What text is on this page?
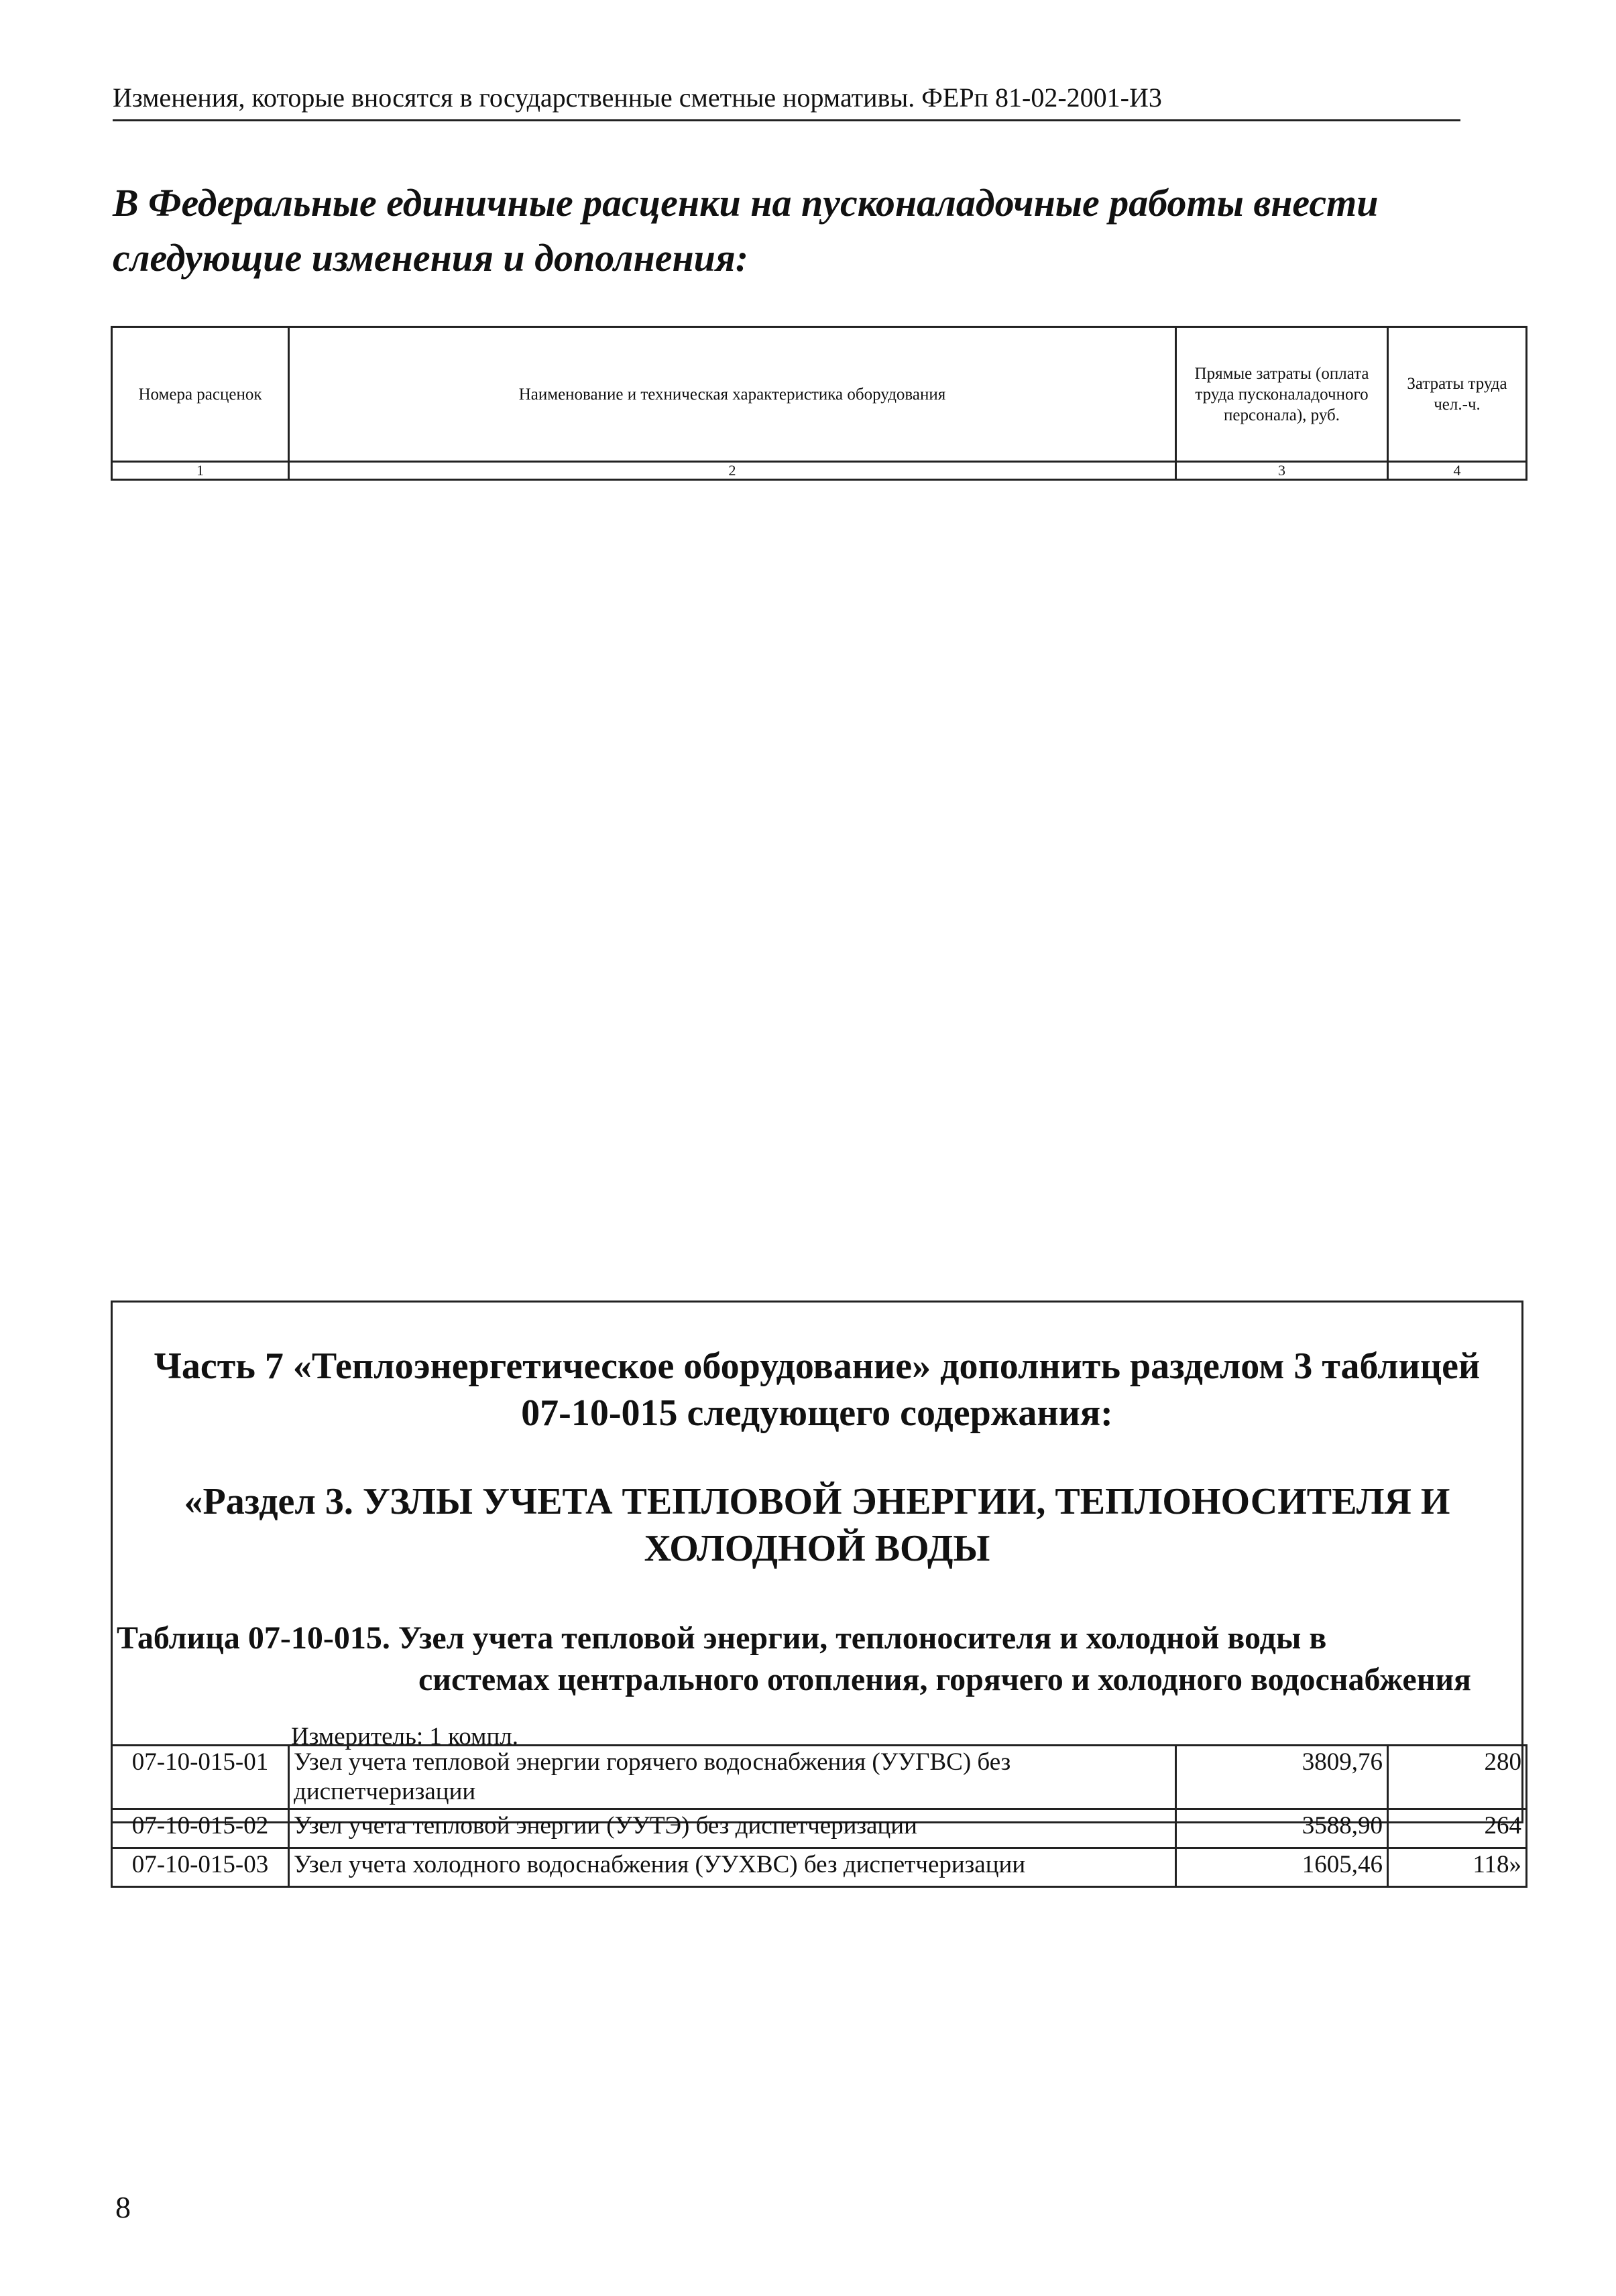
Изменения, которые вносятся в государственные сметные нормативы. ФЕРп 81-02-2001-И3
В Федеральные единичные расценки на пусконаладочные работы внести
следующие изменения и дополнения:
Номера расценок	Наименование и техническая характеристика оборудования	Прямые затраты (оплата труда пусконаладочного персонала), руб.	Затраты труда чел.-ч.
1	2	3	4
Часть 7 «Теплоэнергетическое оборудование» дополнить разделом 3 таблицей
07-10-015 следующего содержания:
«Раздел 3. УЗЛЫ УЧЕТА ТЕПЛОВОЙ ЭНЕРГИИ, ТЕПЛОНОСИТЕЛЯ И
ХОЛОДНОЙ ВОДЫ
Таблица 07-10-015. Узел учета тепловой энергии, теплоносителя и холодной воды в
системах центрального отопления, горячего и холодного водоснабжения
Измеритель: 1 компл.
07-10-015-01	Узел учета тепловой энергии горячего водоснабжения (УУГВС) без диспетчеризации	3809,76	280
07-10-015-02	Узел учета тепловой энергии (УУТЭ) без диспетчеризации	3588,90	264
07-10-015-03	Узел учета холодного водоснабжения (УУХВС) без диспетчеризации	1605,46	118»
8
